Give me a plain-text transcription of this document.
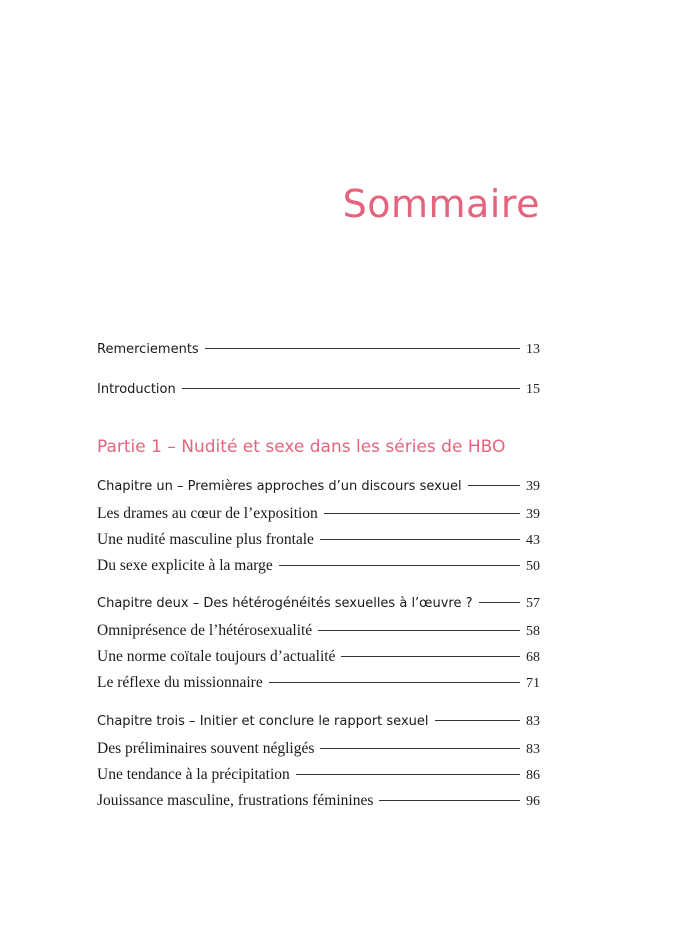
Sommaire
Remerciements	13
Introduction	15
Partie 1 – Nudité et sexe dans les séries de HBO
Chapitre un – Premières approches d’un discours sexuel	39
Les drames au cœur de l’exposition	39
Une nudité masculine plus frontale	43
Du sexe explicite à la marge	50
Chapitre deux – Des hétérogénéités sexuelles à l’œuvre ?	57
Omniprésence de l’hétérosexualité	58
Une norme coïtale toujours d’actualité	68
Le réflexe du missionnaire	71
Chapitre trois – Initier et conclure le rapport sexuel	83
Des préliminaires souvent négligés	83
Une tendance à la précipitation	86
Jouissance masculine, frustrations féminines	96
